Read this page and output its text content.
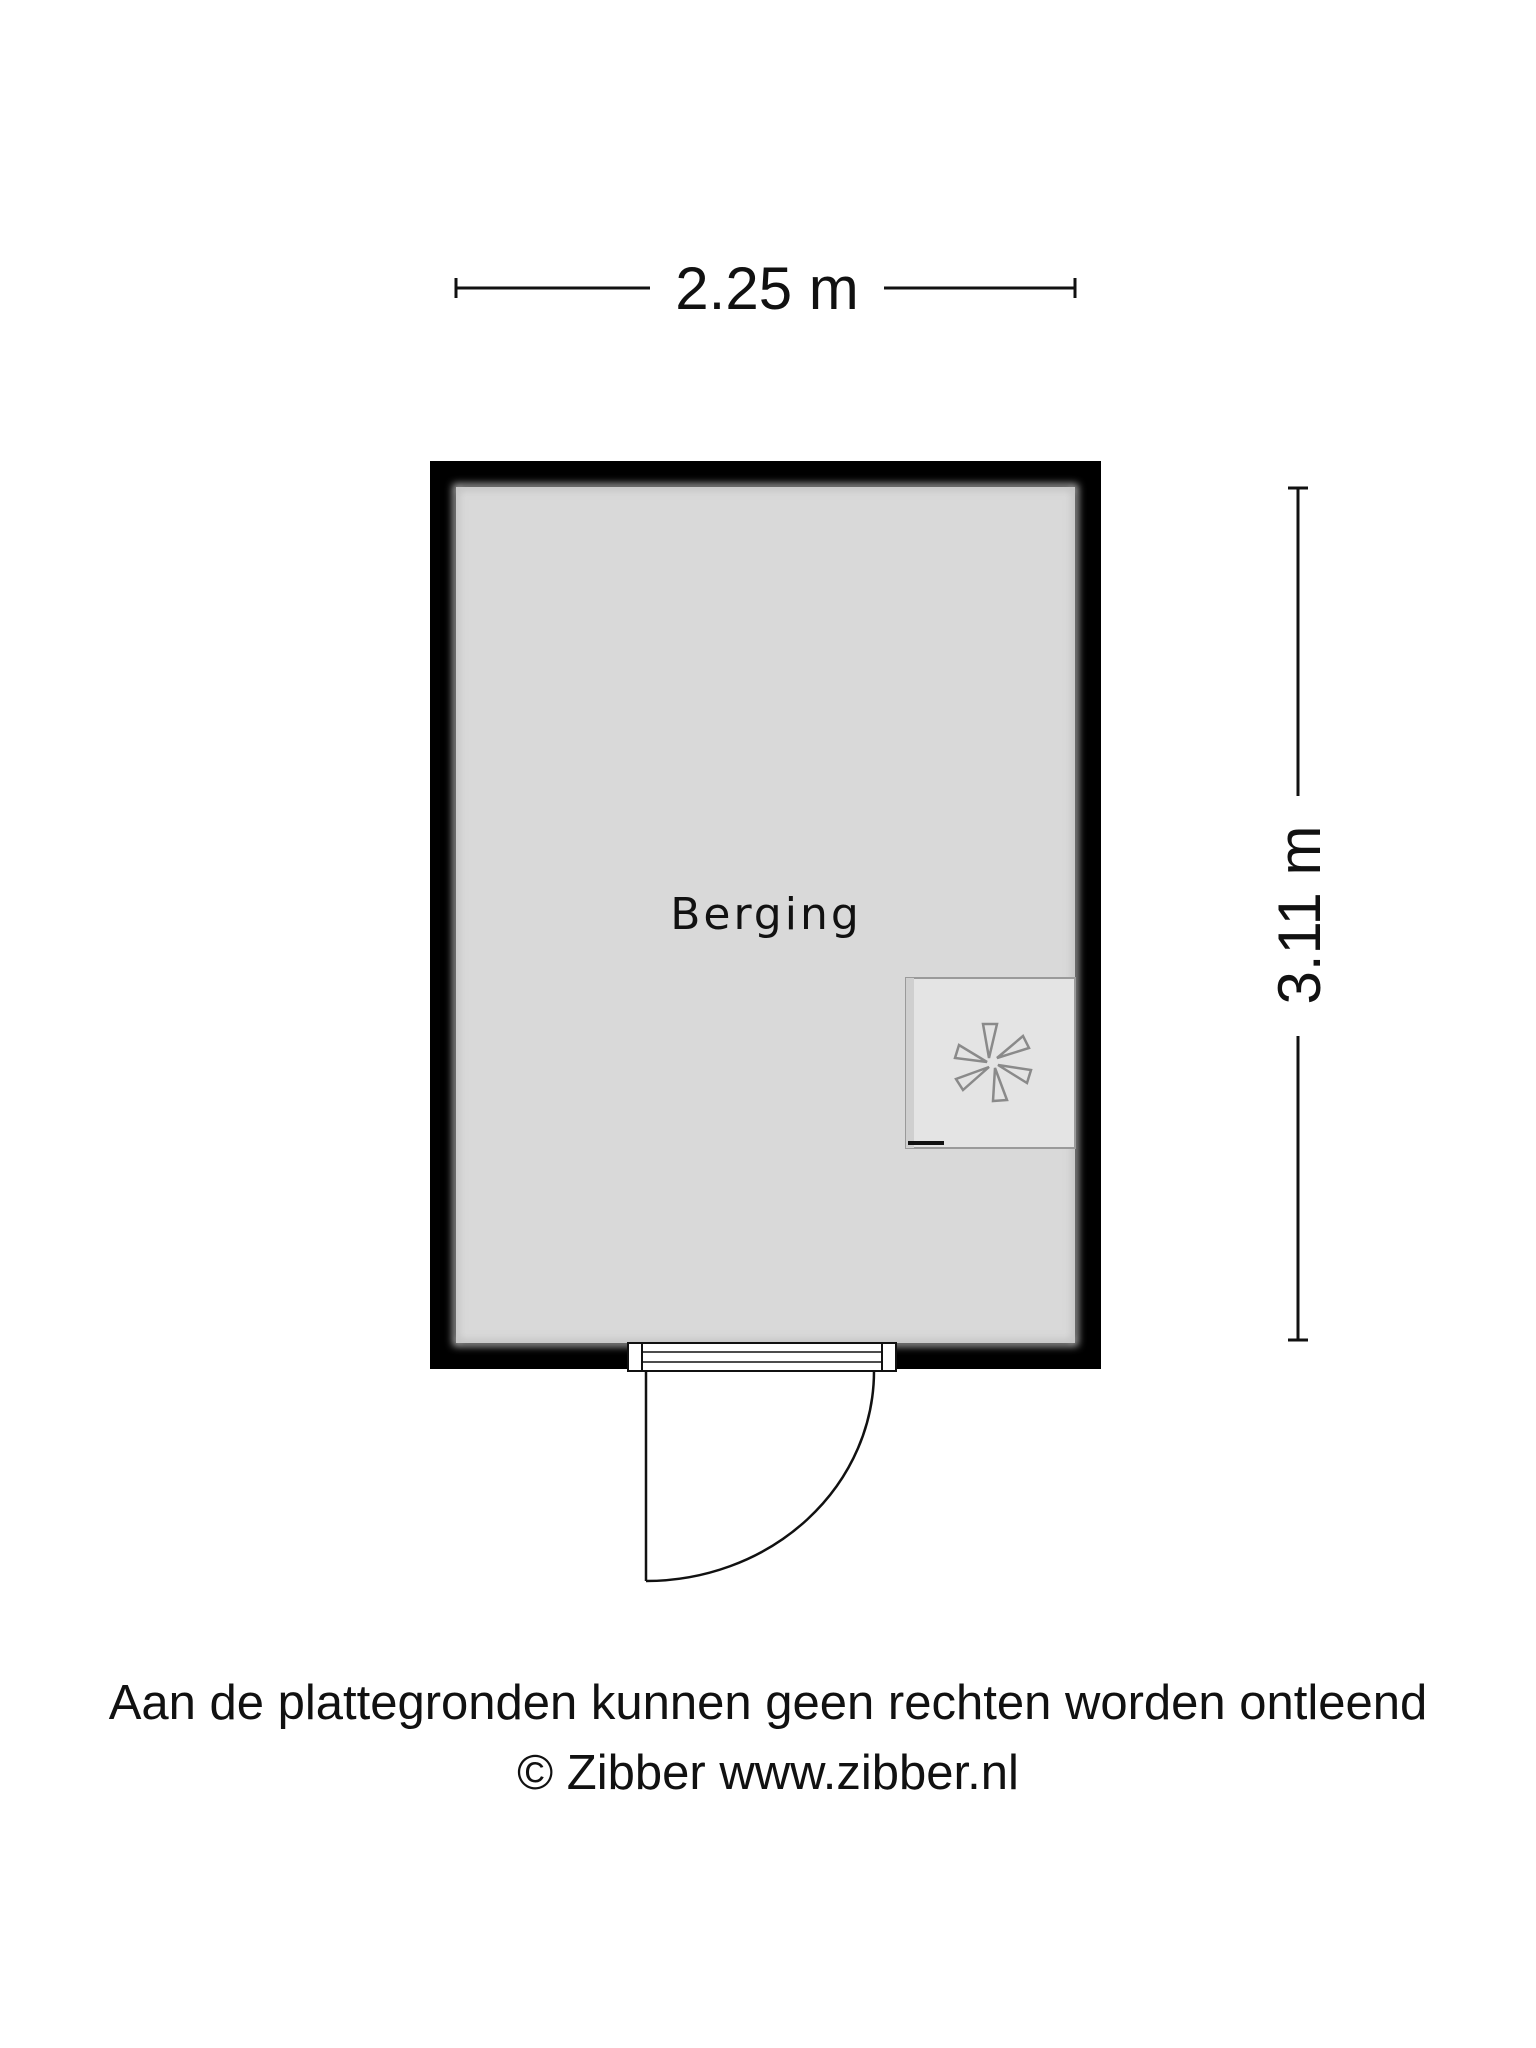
2.25 m
3.11 m
Berging
Aan de plattegronden kunnen geen rechten worden ontleend
© Zibber www.zibber.nl
